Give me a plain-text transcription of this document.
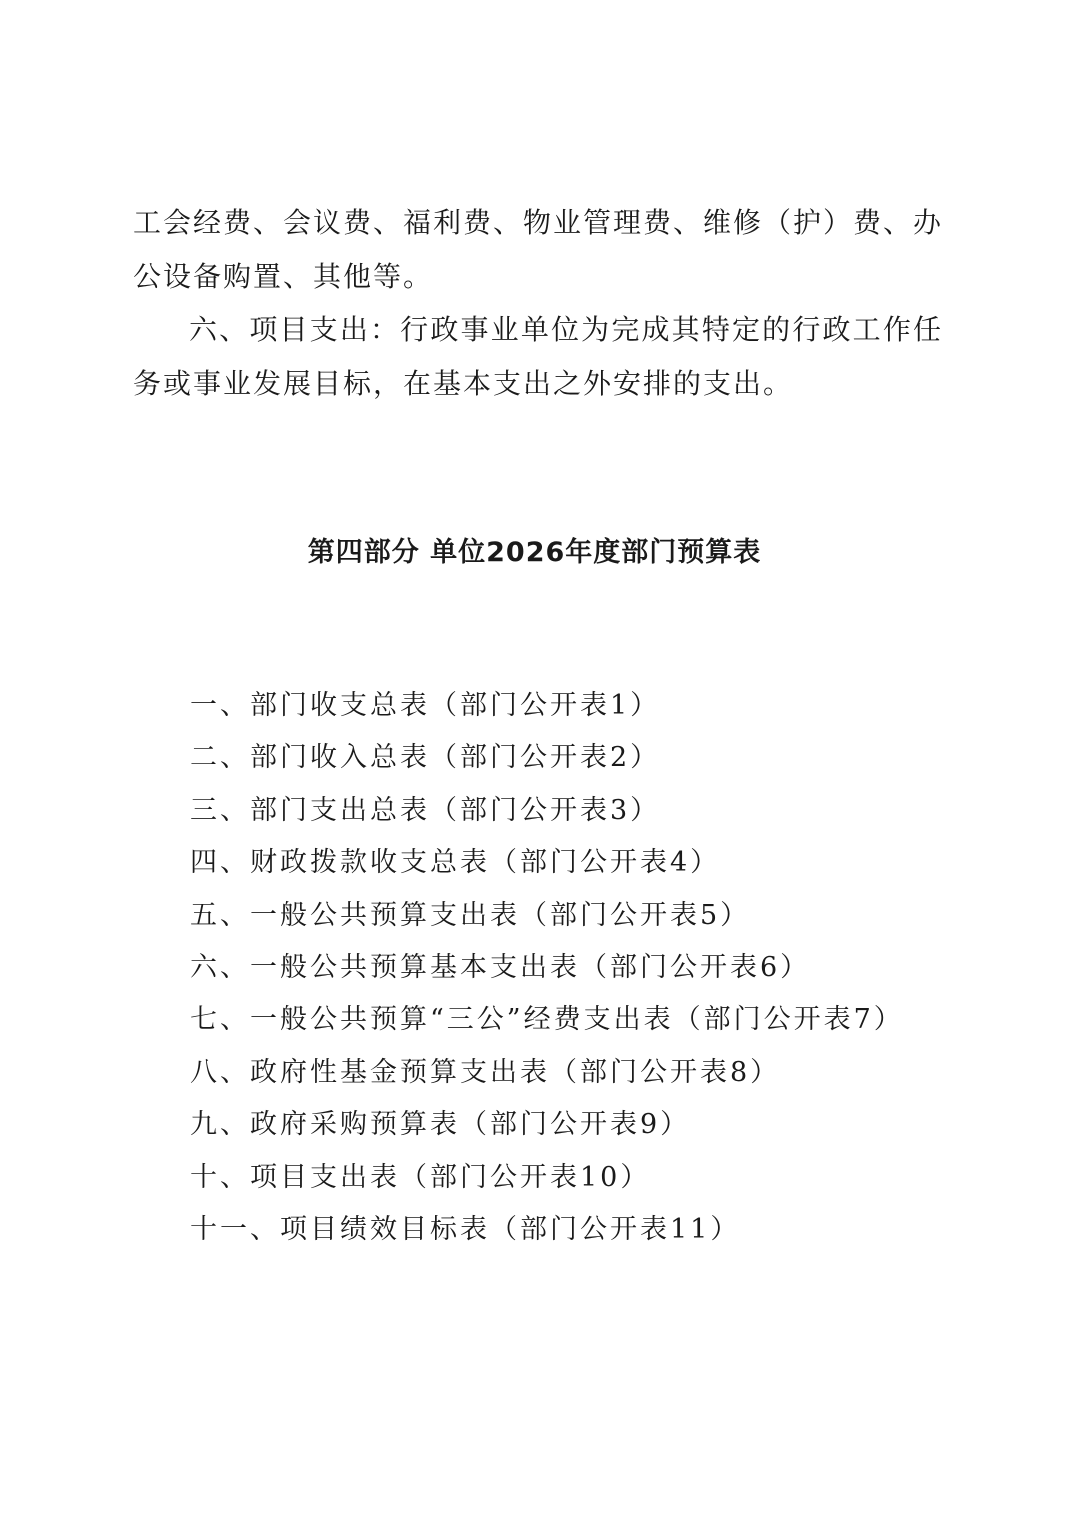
工会经费、会议费、福利费、物业管理费、维修（护）费、办公设备购置、其他等。

六、项目支出：行政事业单位为完成其特定的行政工作任务或事业发展目标，在基本支出之外安排的支出。

第四部分 单位2026年度部门预算表
一、部门收支总表（部门公开表1）
二、部门收入总表（部门公开表2）
三、部门支出总表（部门公开表3）
四、财政拨款收支总表（部门公开表4）
五、一般公共预算支出表（部门公开表5）
六、一般公共预算基本支出表（部门公开表6）
七、一般公共预算“三公”经费支出表（部门公开表7）
八、政府性基金预算支出表（部门公开表8）
九、政府采购预算表（部门公开表9）
十、项目支出表（部门公开表10）
十一、项目绩效目标表（部门公开表11）
